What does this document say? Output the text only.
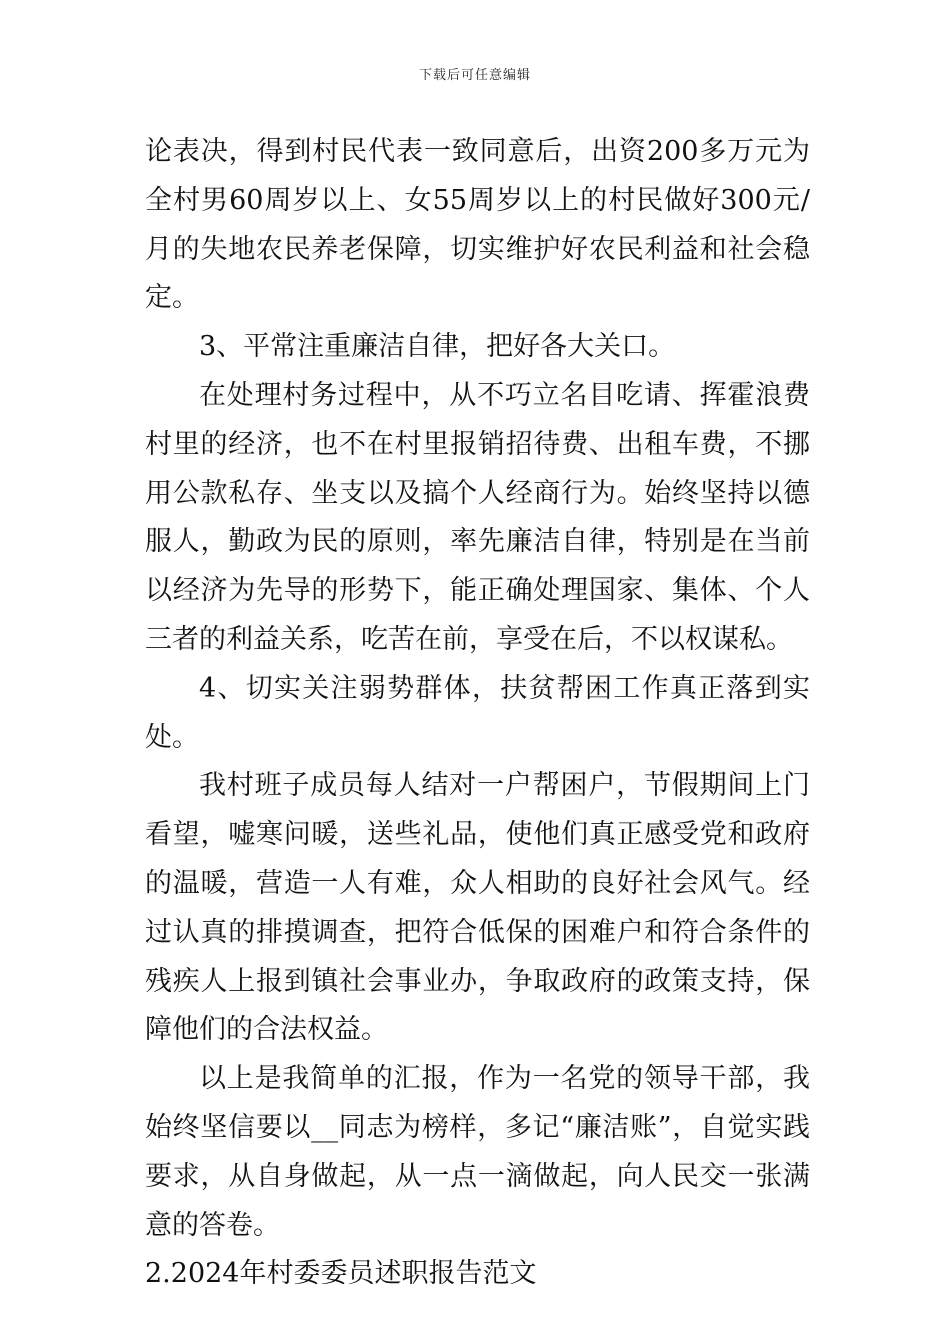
下载后可任意编辑

论表决，得到村民代表一致同意后，出资200多万元为全村男60周岁以上、女55周岁以上的村民做好300元/月的失地农民养老保障，切实维护好农民利益和社会稳定。

3、平常注重廉洁自律，把好各大关口。

在处理村务过程中，从不巧立名目吃请、挥霍浪费村里的经济，也不在村里报销招待费、出租车费，不挪用公款私存、坐支以及搞个人经商行为。始终坚持以德服人，勤政为民的原则，率先廉洁自律，特别是在当前以经济为先导的形势下，能正确处理国家、集体、个人三者的利益关系，吃苦在前，享受在后，不以权谋私。

4、切实关注弱势群体，扶贫帮困工作真正落到实处。

我村班子成员每人结对一户帮困户，节假期间上门看望，嘘寒问暖，送些礼品，使他们真正感受党和政府的温暖，营造一人有难，众人相助的良好社会风气。经过认真的排摸调查，把符合低保的困难户和符合条件的残疾人上报到镇社会事业办，争取政府的政策支持，保障他们的合法权益。

以上是我简单的汇报，作为一名党的领导干部，我始终坚信要以__同志为榜样，多记“廉洁账”，自觉实践要求，从自身做起，从一点一滴做起，向人民交一张满意的答卷。

2.2024年村委委员述职报告范文
